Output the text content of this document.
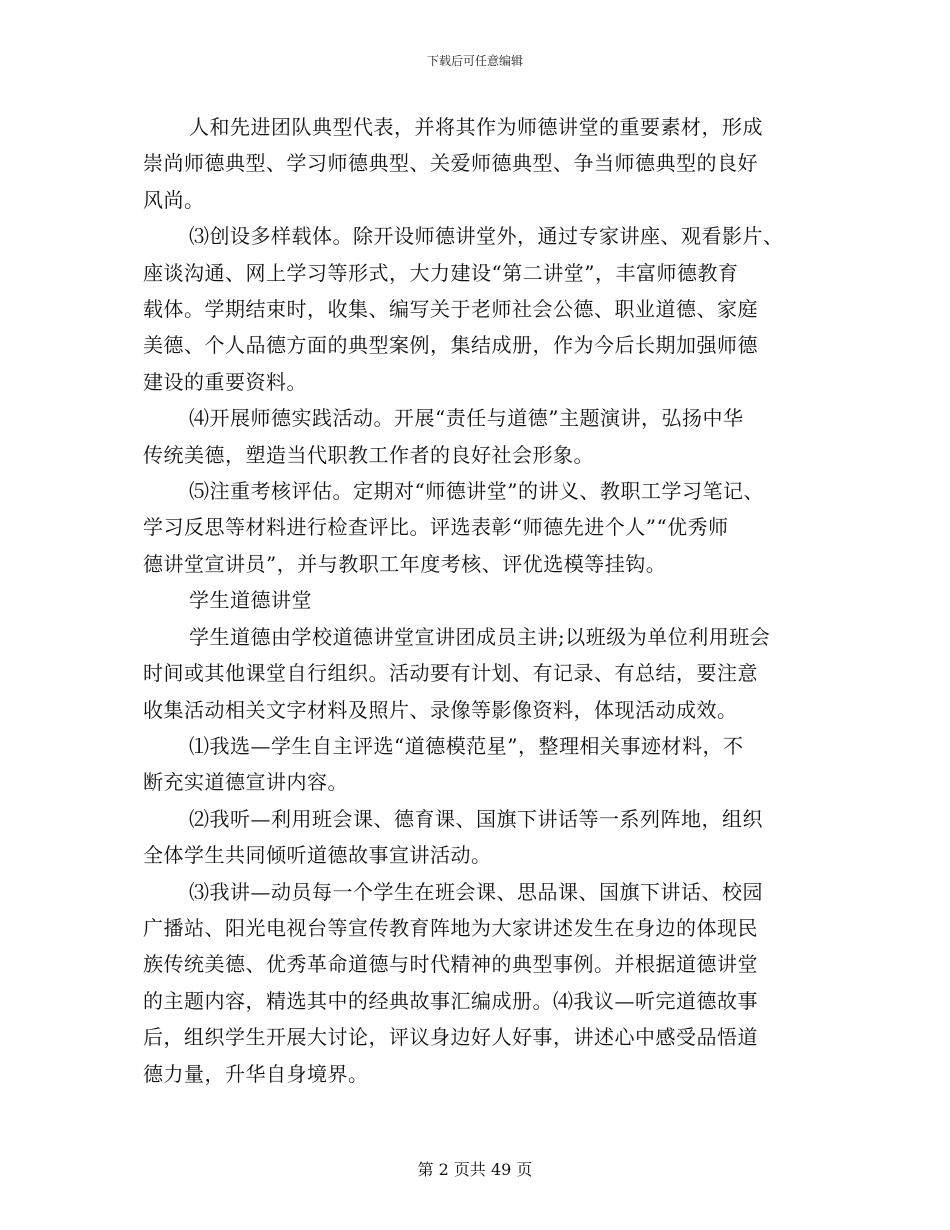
下载后可任意编辑

人和先进团队典型代表，并将其作为师德讲堂的重要素材，形成
崇尚师德典型、学习师德典型、关爱师德典型、争当师德典型的良好
风尚。

⑶创设多样载体。除开设师德讲堂外，通过专家讲座、观看影片、
座谈沟通、网上学习等形式，大力建设“第二讲堂”，丰富师德教育
载体。学期结束时，收集、编写关于老师社会公德、职业道德、家庭
美德、个人品德方面的典型案例，集结成册，作为今后长期加强师德
建设的重要资料。

⑷开展师德实践活动。开展“责任与道德”主题演讲，弘扬中华
传统美德，塑造当代职教工作者的良好社会形象。

⑸注重考核评估。定期对“师德讲堂”的讲义、教职工学习笔记、
学习反思等材料进行检查评比。评选表彰“师德先进个人”“优秀师
德讲堂宣讲员”，并与教职工年度考核、评优选模等挂钩。

学生道德讲堂

学生道德由学校道德讲堂宣讲团成员主讲;以班级为单位利用班会
时间或其他课堂自行组织。活动要有计划、有记录、有总结，要注意
收集活动相关文字材料及照片、录像等影像资料，体现活动成效。

⑴我选—学生自主评选“道德模范星”，整理相关事迹材料，不
断充实道德宣讲内容。

⑵我听—利用班会课、德育课、国旗下讲话等一系列阵地，组织
全体学生共同倾听道德故事宣讲活动。

⑶我讲—动员每一个学生在班会课、思品课、国旗下讲话、校园
广播站、阳光电视台等宣传教育阵地为大家讲述发生在身边的体现民
族传统美德、优秀革命道德与时代精神的典型事例。并根据道德讲堂
的主题内容，精选其中的经典故事汇编成册。⑷我议—听完道德故事
后，组织学生开展大讨论，评议身边好人好事，讲述心中感受品悟道
德力量，升华自身境界。

第 2 页共 49 页
